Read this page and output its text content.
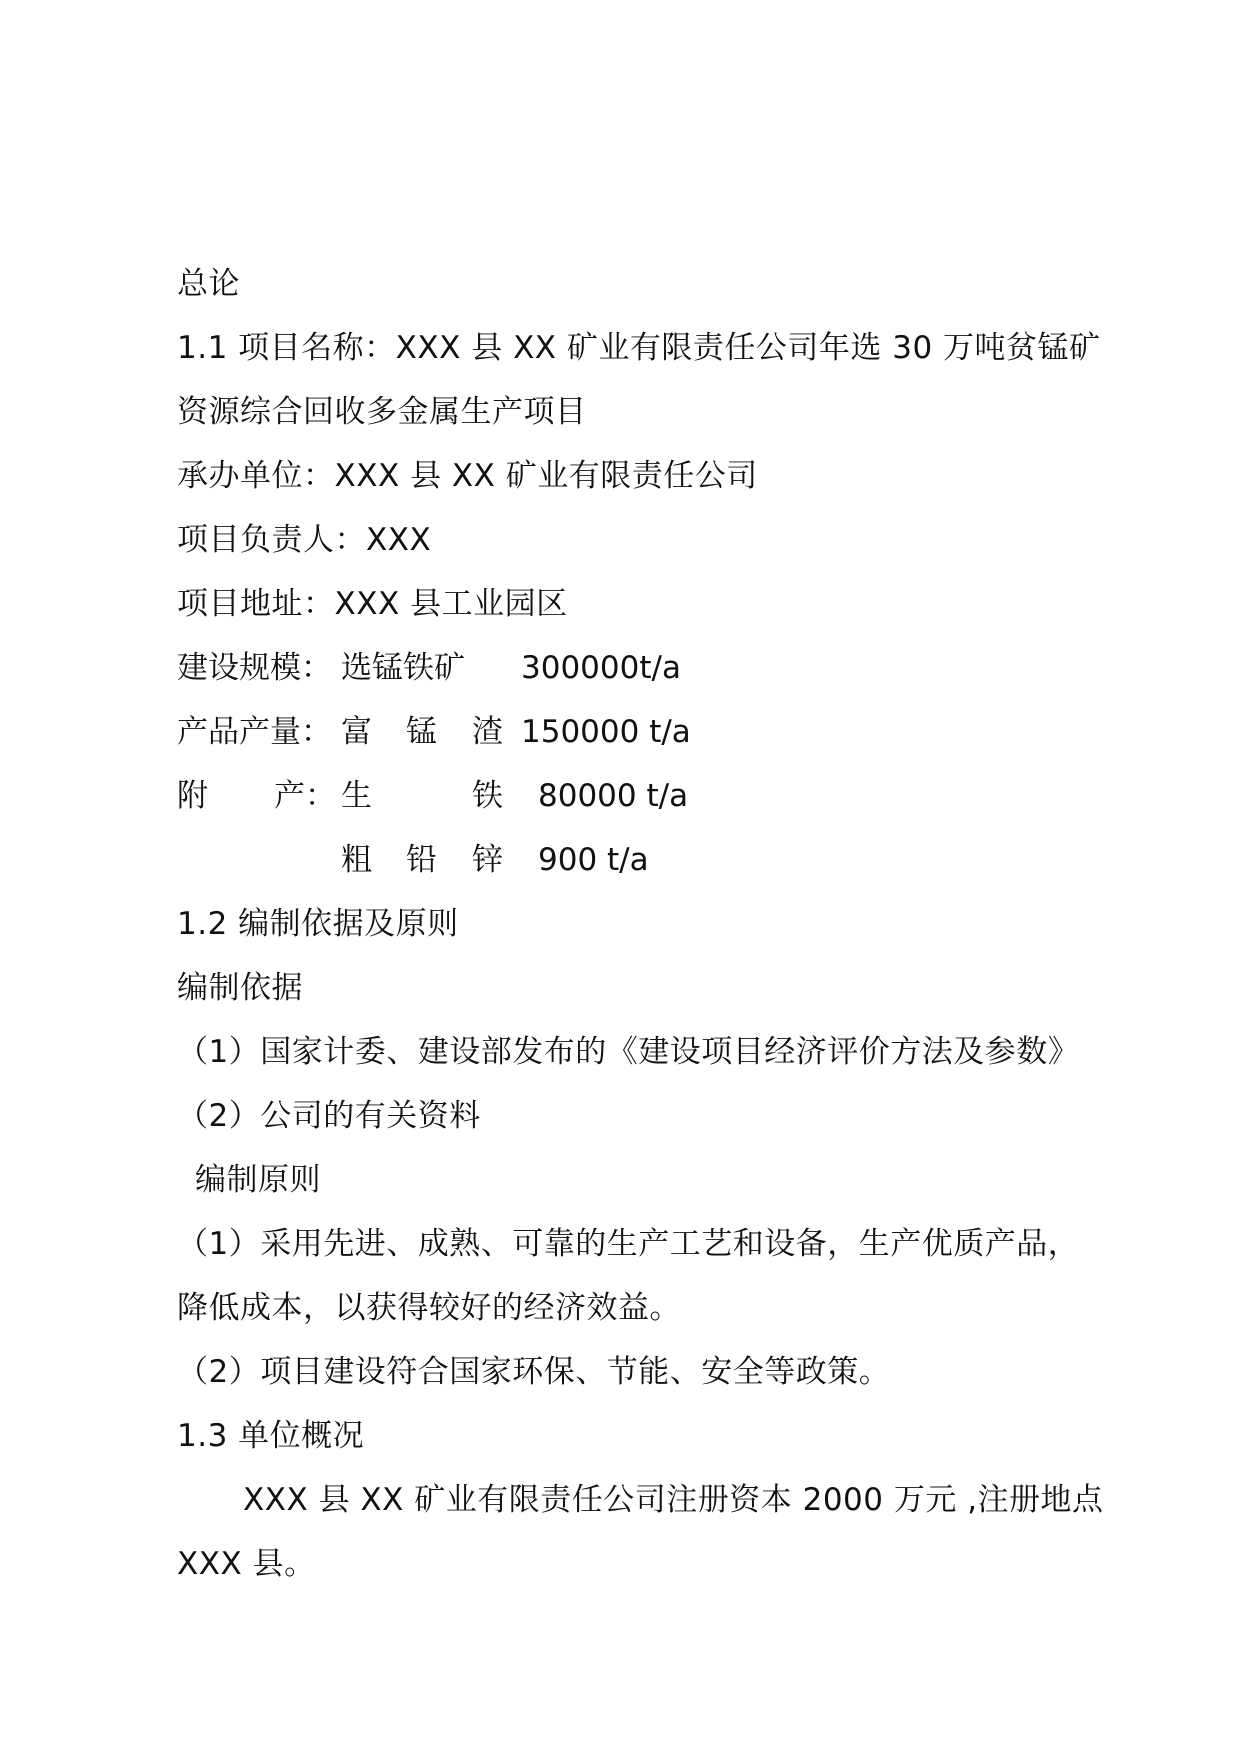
总论
1.1 项目名称：XXX 县 XX 矿业有限责任公司年选 30 万吨贫锰矿
资源综合回收多金属生产项目
承办单位：XXX 县 XX 矿业有限责任公司
项目负责人：XXX
项目地址：XXX 县工业园区
建设规模： 选锰铁矿 300000t/a
产品产量： 富 锰 渣 150000 t/a
附 产： 生	铁 80000 t/a
粗 铅 锌 900 t/a
1.2 编制依据及原则
编制依据
（1）国家计委、建设部发布的《建设项目经济评价方法及参数》
（2）公司的有关资料
编制原则
（1）采用先进、成熟、可靠的生产工艺和设备，生产优质产品，
降低成本，以获得较好的经济效益。
（2）项目建设符合国家环保、节能、安全等政策。
1.3 单位概况
XXX 县 XX 矿业有限责任公司注册资本 2000 万元 ,注册地点
XXX 县。
